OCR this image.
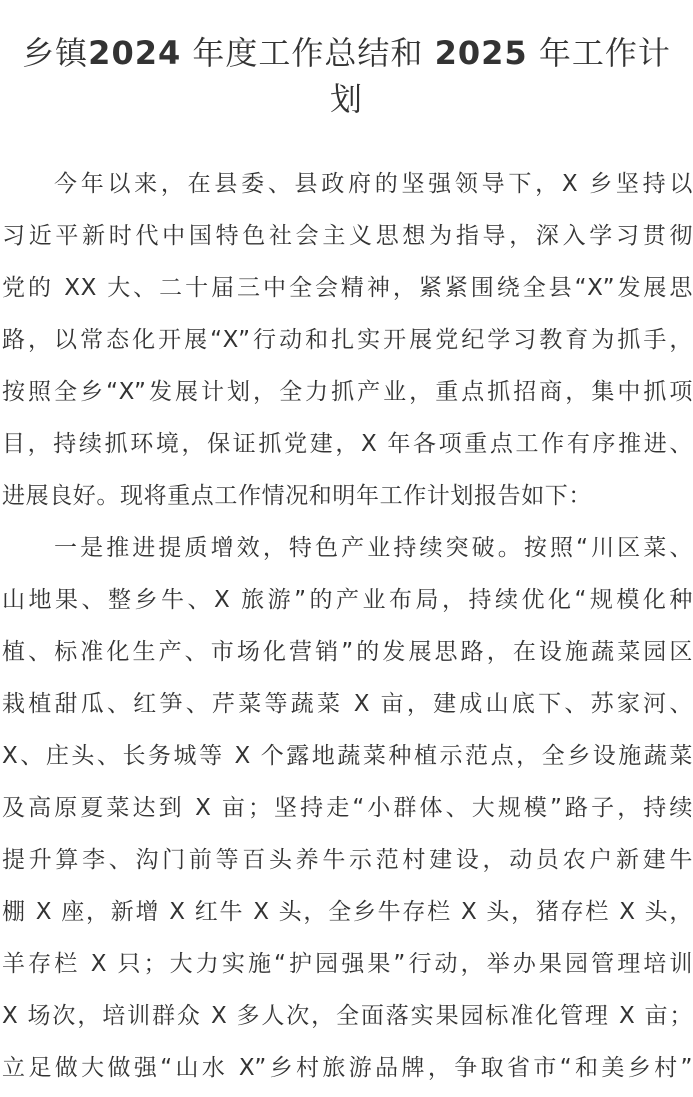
乡镇2024 年度工作总结和 2025 年工作计划
今年以来，在县委、县政府的坚强领导下，X 乡坚持以
习近平新时代中国特色社会主义思想为指导，深入学习贯彻
党的 XX 大、二十届三中全会精神，紧紧围绕全县“X”发展思
路，以常态化开展“X”行动和扎实开展党纪学习教育为抓手，
按照全乡“X”发展计划，全力抓产业，重点抓招商，集中抓项
目，持续抓环境，保证抓党建，X 年各项重点工作有序推进、
进展良好。现将重点工作情况和明年工作计划报告如下：
一是推进提质增效，特色产业持续突破。按照“川区菜、
山地果、整乡牛、X 旅游”的产业布局，持续优化“规模化种
植、标准化生产、市场化营销”的发展思路，在设施蔬菜园区
栽植甜瓜、红笋、芹菜等蔬菜 X 亩，建成山底下、苏家河、
X、庄头、长务城等 X 个露地蔬菜种植示范点，全乡设施蔬菜
及高原夏菜达到 X 亩；坚持走“小群体、大规模”路子，持续
提升算李、沟门前等百头养牛示范村建设，动员农户新建牛
棚 X 座，新增 X 红牛 X 头，全乡牛存栏 X 头，猪存栏 X 头，
羊存栏 X 只；大力实施“护园强果”行动，举办果园管理培训
X 场次，培训群众 X 多人次，全面落实果园标准化管理 X 亩；
立足做大做强“山水 X”乡村旅游品牌，争取省市“和美乡村”
